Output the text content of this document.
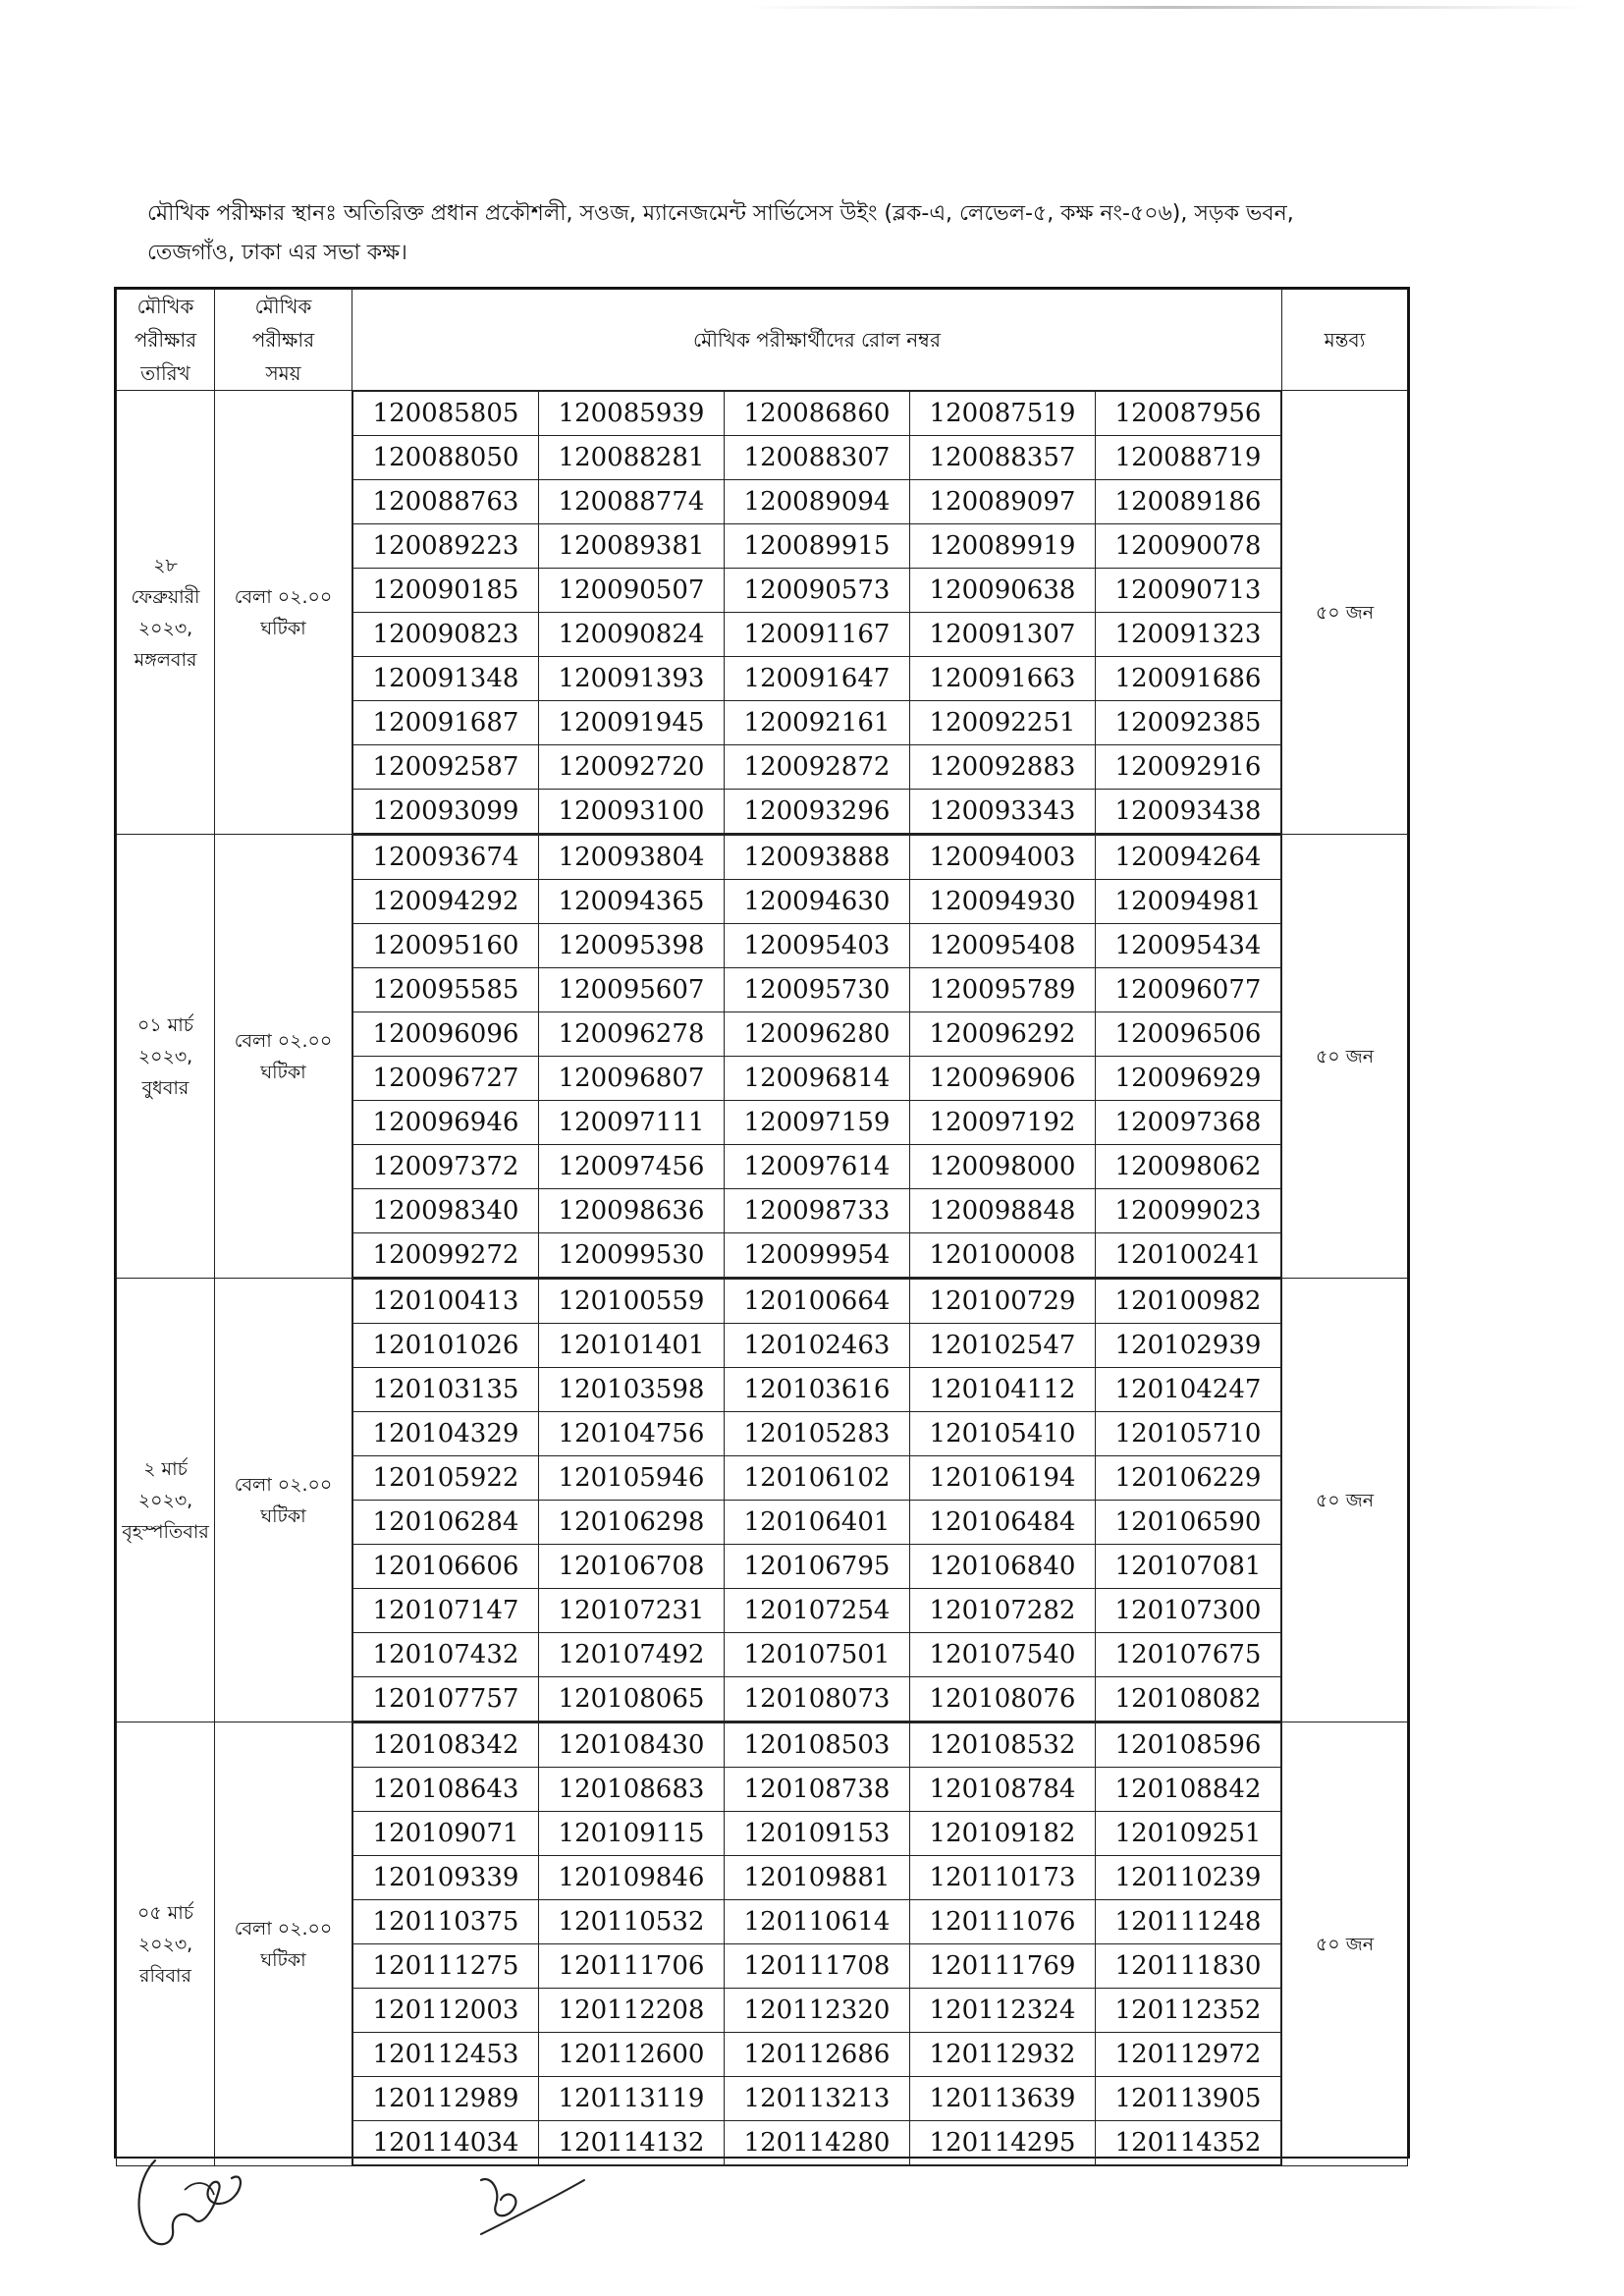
মৌখিক পরীক্ষার স্থানঃ অতিরিক্ত প্রধান প্রকৌশলী, সওজ, ম্যানেজমেন্ট সার্ভিসেস উইং (ব্লক-এ, লেভেল-৫, কক্ষ নং-৫০৬), সড়ক ভবন,
তেজগাঁও, ঢাকা এর সভা কক্ষ।
মৌখিক
পরীক্ষার
তারিখ

মৌখিক
পরীক্ষার
সময়
	মৌখিক পরীক্ষার্থীদের রোল নম্বর	মন্তব্য

২৮ ফেব্রুয়ারী
২০২৩,
মঙ্গলবার

বেলা ০২.০০
ঘটিকা

120085805	120085939	120086860	120087519	120087956
120088050	120088281	120088307	120088357	120088719
120088763	120088774	120089094	120089097	120089186
120089223	120089381	120089915	120089919	120090078
120090185	120090507	120090573	120090638	120090713
120090823	120090824	120091167	120091307	120091323
120091348	120091393	120091647	120091663	120091686
120091687	120091945	120092161	120092251	120092385
120092587	120092720	120092872	120092883	120092916
120093099	120093100	120093296	120093343	120093438
	৫০ জন

০১ মার্চ
২০২৩,
বুধবার

বেলা ০২.০০
ঘটিকা

120093674	120093804	120093888	120094003	120094264
120094292	120094365	120094630	120094930	120094981
120095160	120095398	120095403	120095408	120095434
120095585	120095607	120095730	120095789	120096077
120096096	120096278	120096280	120096292	120096506
120096727	120096807	120096814	120096906	120096929
120096946	120097111	120097159	120097192	120097368
120097372	120097456	120097614	120098000	120098062
120098340	120098636	120098733	120098848	120099023
120099272	120099530	120099954	120100008	120100241
	৫০ জন

২ মার্চ
২০২৩,
বৃহস্পতিবার

বেলা ০২.০০
ঘটিকা

120100413	120100559	120100664	120100729	120100982
120101026	120101401	120102463	120102547	120102939
120103135	120103598	120103616	120104112	120104247
120104329	120104756	120105283	120105410	120105710
120105922	120105946	120106102	120106194	120106229
120106284	120106298	120106401	120106484	120106590
120106606	120106708	120106795	120106840	120107081
120107147	120107231	120107254	120107282	120107300
120107432	120107492	120107501	120107540	120107675
120107757	120108065	120108073	120108076	120108082
	৫০ জন

০৫ মার্চ
২০২৩,
রবিবার

বেলা ০২.০০
ঘটিকা

120108342	120108430	120108503	120108532	120108596
120108643	120108683	120108738	120108784	120108842
120109071	120109115	120109153	120109182	120109251
120109339	120109846	120109881	120110173	120110239
120110375	120110532	120110614	120111076	120111248
120111275	120111706	120111708	120111769	120111830
120112003	120112208	120112320	120112324	120112352
120112453	120112600	120112686	120112932	120112972
120112989	120113119	120113213	120113639	120113905
120114034	120114132	120114280	120114295	120114352
	৫০ জন
